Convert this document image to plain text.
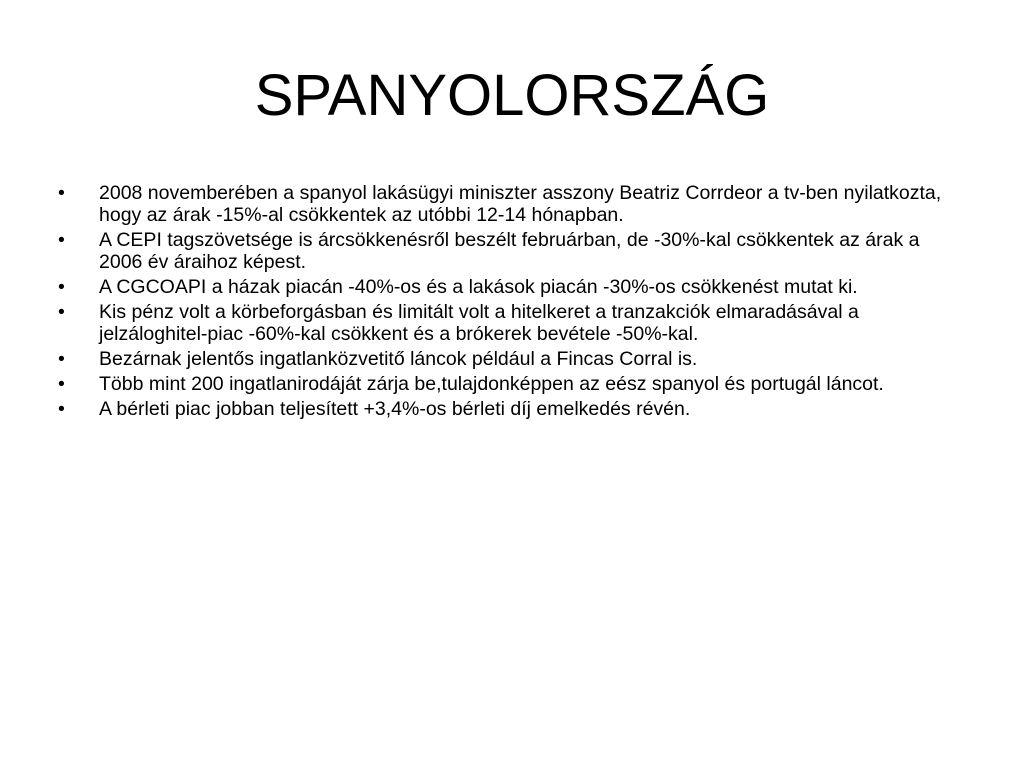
SPANYOLORSZÁG
•	2008 novemberében a spanyol lakásügyi miniszter asszony Beatriz Corrdeor a tv-ben nyilatkozta, hogy az árak -15%-al csökkentek az utóbbi 12-14 hónapban.
•	A CEPI tagszövetsége is árcsökkenésről beszélt februárban, de -30%-kal csökkentek az árak a 2006 év áraihoz képest.
•	A CGCOAPI a házak piacán -40%-os és a lakások piacán -30%-os csökkenést mutat ki.
•	Kis pénz volt a körbeforgásban és limitált volt a hitelkeret a tranzakciók elmaradásával a jelzáloghitel-piac -60%-kal csökkent és a brókerek bevétele -50%-kal.
•	Bezárnak jelentős ingatlanközvetitő láncok például a Fincas Corral is.
•	Több mint 200 ingatlanirodáját zárja be,tulajdonképpen az eész spanyol és portugál láncot.
•	A bérleti piac jobban teljesített +3,4%-os bérleti díj emelkedés révén.
